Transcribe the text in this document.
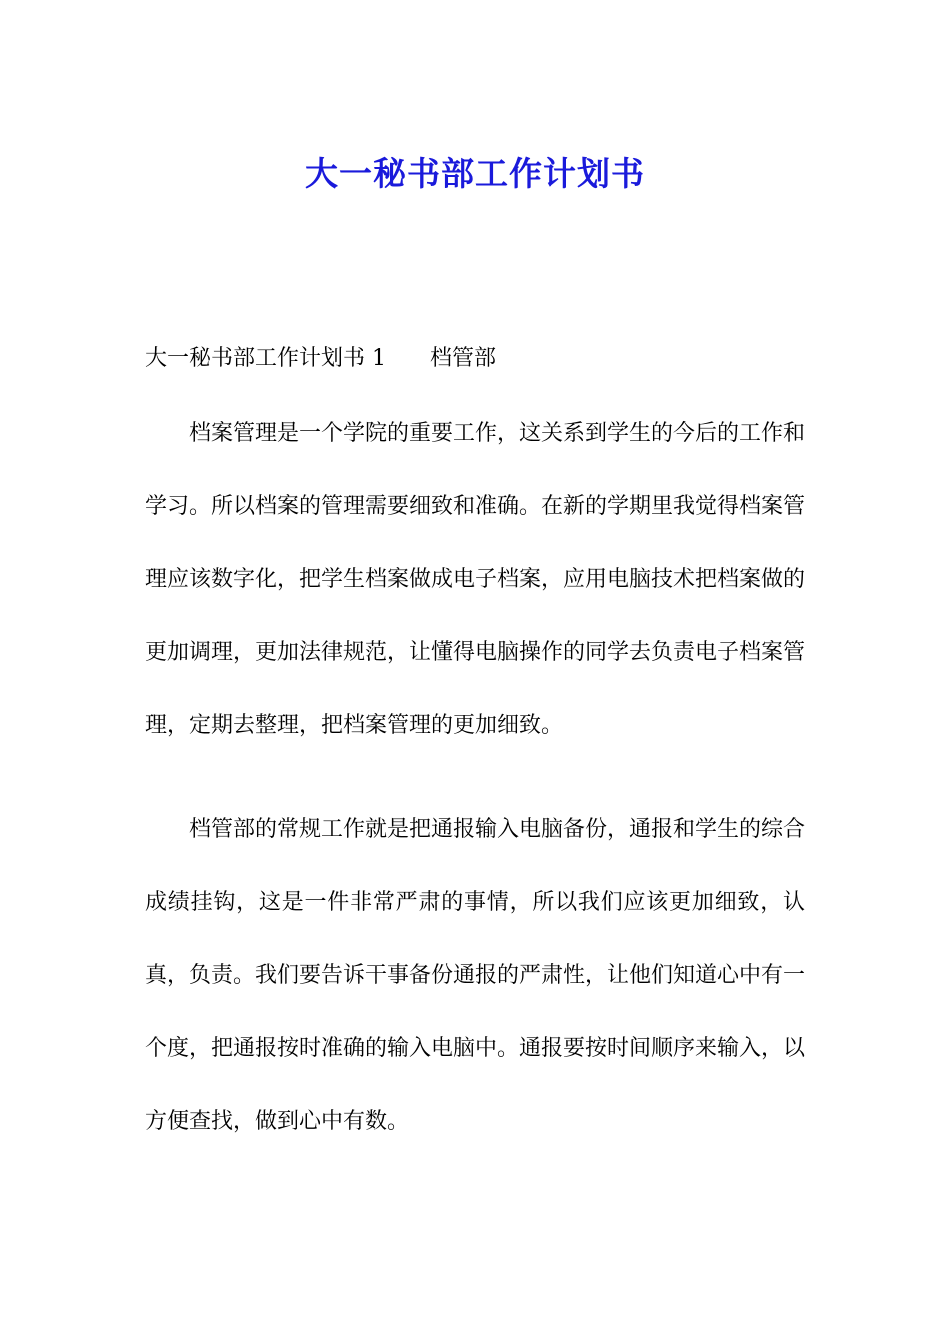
大一秘书部工作计划书

大一秘书部工作计划书 1　　档管部

档案管理是一个学院的重要工作，这关系到学生的今后的工作和学习。所以档案的管理需要细致和准确。在新的学期里我觉得档案管理应该数字化，把学生档案做成电子档案，应用电脑技术把档案做的更加调理，更加法律规范，让懂得电脑操作的同学去负责电子档案管理，定期去整理，把档案管理的更加细致。

档管部的常规工作就是把通报输入电脑备份，通报和学生的综合成绩挂钩，这是一件非常严肃的事情，所以我们应该更加细致，认真，负责。我们要告诉干事备份通报的严肃性，让他们知道心中有一个度，把通报按时准确的输入电脑中。通报要按时间顺序来输入，以方便查找，做到心中有数。
